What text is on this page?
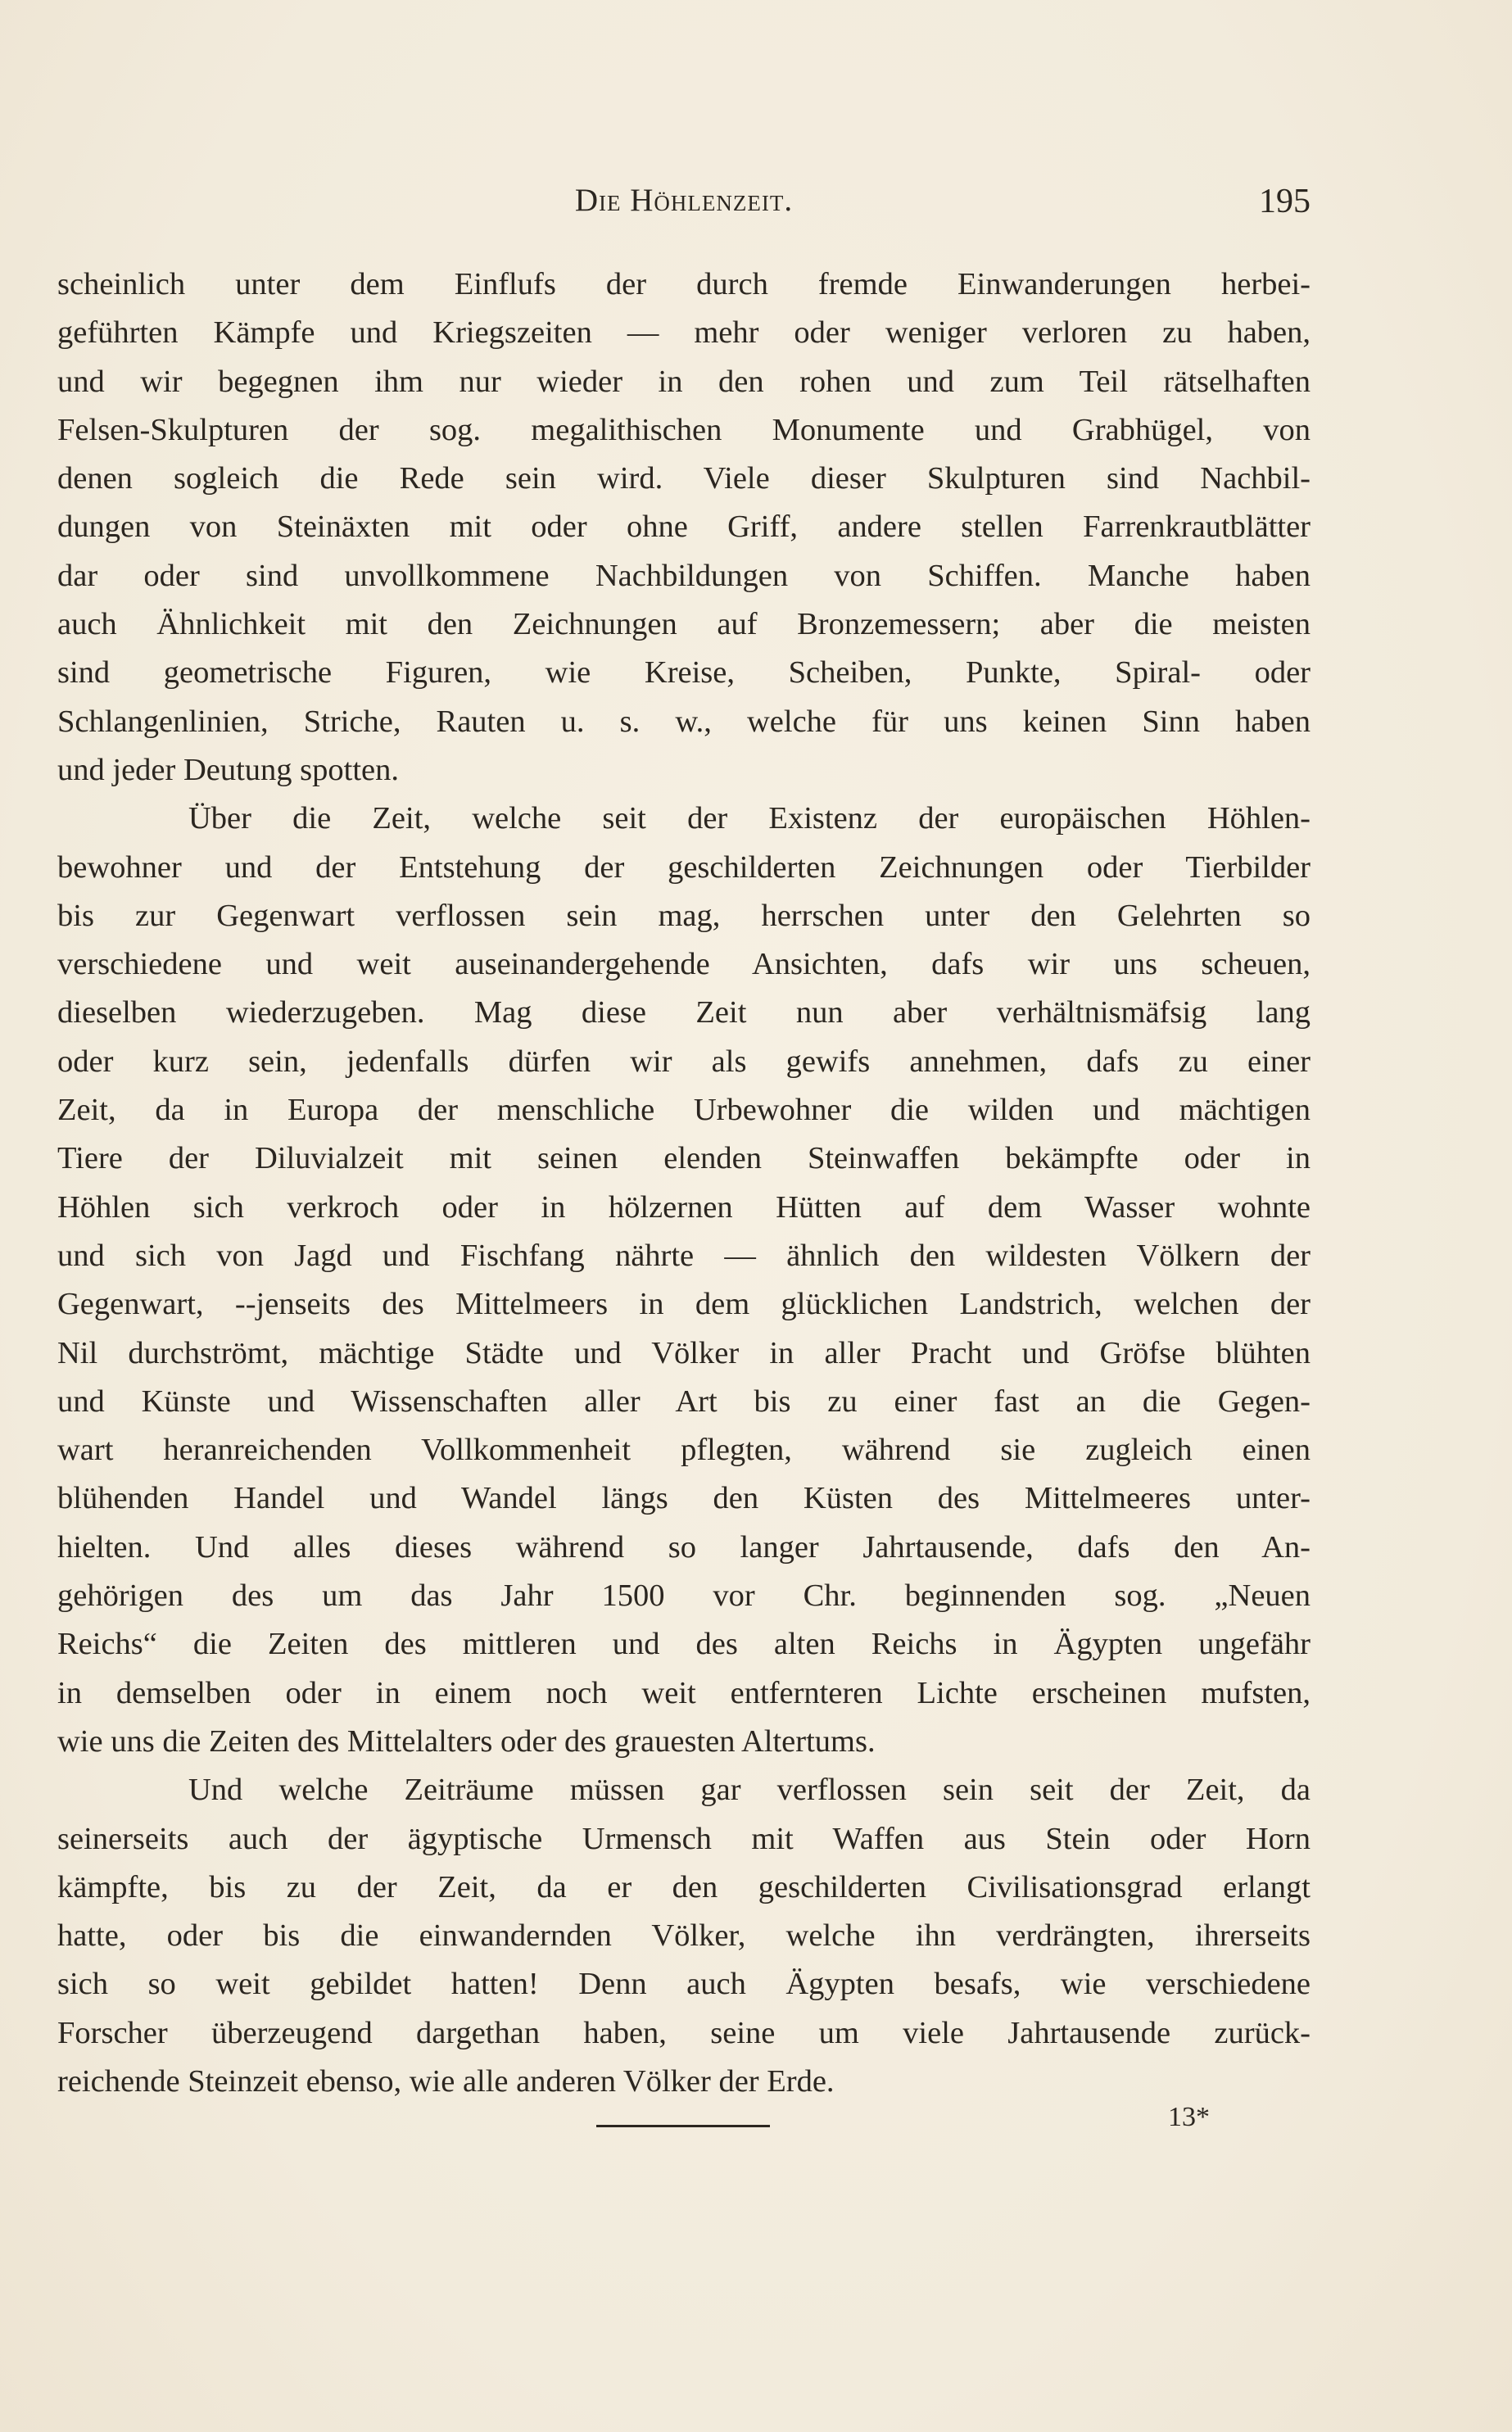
Die Höhlenzeit.	195
scheinlich unter dem Einflufs der durch fremde Einwanderungen herbei-
geführten Kämpfe und Kriegszeiten — mehr oder weniger verloren zu haben,
und wir begegnen ihm nur wieder in den rohen und zum Teil rätselhaften
Felsen-Skulpturen der sog. megalithischen Monumente und Grabhügel, von
denen sogleich die Rede sein wird. Viele dieser Skulpturen sind Nachbil-
dungen von Steinäxten mit oder ohne Griff, andere stellen Farrenkrautblätter
dar oder sind unvollkommene Nachbildungen von Schiffen. Manche haben
auch Ähnlichkeit mit den Zeichnungen auf Bronzemessern; aber die meisten
sind geometrische Figuren, wie Kreise, Scheiben, Punkte, Spiral- oder
Schlangenlinien, Striche, Rauten u. s. w., welche für uns keinen Sinn haben
und jeder Deutung spotten.
Über die Zeit, welche seit der Existenz der europäischen Höhlen-
bewohner und der Entstehung der geschilderten Zeichnungen oder Tierbilder
bis zur Gegenwart verflossen sein mag, herrschen unter den Gelehrten so
verschiedene und weit auseinandergehende Ansichten, dafs wir uns scheuen,
dieselben wiederzugeben. Mag diese Zeit nun aber verhältnismäfsig lang
oder kurz sein, jedenfalls dürfen wir als gewifs annehmen, dafs zu einer
Zeit, da in Europa der menschliche Urbewohner die wilden und mächtigen
Tiere der Diluvialzeit mit seinen elenden Steinwaffen bekämpfte oder in
Höhlen sich verkroch oder in hölzernen Hütten auf dem Wasser wohnte
und sich von Jagd und Fischfang nährte — ähnlich den wildesten Völkern der
Gegenwart, --jenseits des Mittelmeers in dem glücklichen Landstrich, welchen der
Nil durchströmt, mächtige Städte und Völker in aller Pracht und Gröfse blühten
und Künste und Wissenschaften aller Art bis zu einer fast an die Gegen-
wart heranreichenden Vollkommenheit pflegten, während sie zugleich einen
blühenden Handel und Wandel längs den Küsten des Mittelmeeres unter-
hielten. Und alles dieses während so langer Jahrtausende, dafs den An-
gehörigen des um das Jahr 1500 vor Chr. beginnenden sog. „Neuen
Reichs“ die Zeiten des mittleren und des alten Reichs in Ägypten ungefähr
in demselben oder in einem noch weit entfernteren Lichte erscheinen mufsten,
wie uns die Zeiten des Mittelalters oder des grauesten Altertums.
Und welche Zeiträume müssen gar verflossen sein seit der Zeit, da
seinerseits auch der ägyptische Urmensch mit Waffen aus Stein oder Horn
kämpfte, bis zu der Zeit, da er den geschilderten Civilisationsgrad erlangt
hatte, oder bis die einwandernden Völker, welche ihn verdrängten, ihrerseits
sich so weit gebildet hatten! Denn auch Ägypten besafs, wie verschiedene
Forscher überzeugend dargethan haben, seine um viele Jahrtausende zurück-
reichende Steinzeit ebenso, wie alle anderen Völker der Erde.
13*
